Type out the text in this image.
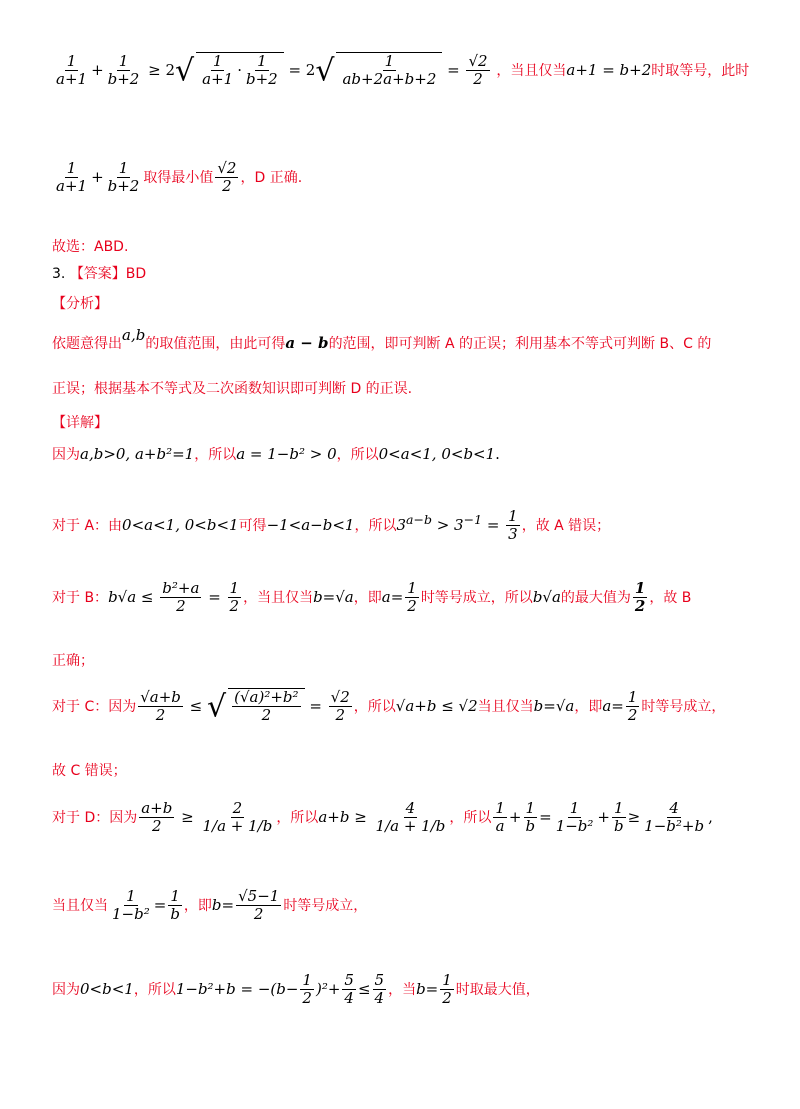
$\frac{1}{a+1} + \frac{1}{b+2} \ge 2√ \frac{1}{a+1} \cdot \frac{1}{b+2} = 2√ \frac{1}{ab+2a+b+2} = \frac{√2}{2}$ ，当且仅当a+1 = b+2时取等号，此时
$\frac{1}{a+1} + \frac{1}{b+2}$ 取得最小值 $\frac{√2}{2}$ ，D 正确.
故选：ABD.
3. 【答案】BD
【分析】
依题意得出a,b的取值范围，由此可得a − b的范围，即可判断 A 的正误；利用基本不等式可判断 B、C 的
正误；根据基本不等式及二次函数知识即可判断 D 的正误.
【详解】
因为a,b>0, a+b²=1，所以a = 1−b² > 0，所以0<a<1, 0<b<1.
对于 A：由0<a<1, 0<b<1可得−1<a−b<1，所以$3^{a-b} > 3^{-1} = \frac{1}{3}$ ，故 A 错误；
对于 B：$b√a \le \frac{\text{b²+a}}{2} = \frac{1}{2}$ ，当且仅当b=√a，即$a= \frac{1}{2}$ 时等号成立，所以b√a的最大值为 $\frac{1}{2}$ ，故 B
正确；
对于 C：因为 $\frac{√a+b}{2}$ ≤ √ $\frac{\text{(√a)²+b²}}{2} = \frac{√2}{2}$ ，所以√a+b ≤ √2当且仅当b=√a，即$a= \frac{1}{2}$ 时等号成立，
故 C 错误；
对于 D：因为 $\frac{a+b}{2} \ge \frac{2}{1/a + 1/b}$ ，所以$a+b \ge \frac{4}{1/a + 1/b}$ ，所以 $\frac{1}{a} + \frac{1}{b} = \frac{1}{\text{1−b²}} + \frac{1}{b} \ge \frac{4}{\text{1−b²+b}}$ ,
当且仅当 $\frac{1}{\text{1−b²}} = \frac{1}{b}$ ，即$b= \frac{√5-1}{2}$ 时等号成立，
因为0<b<1，所以$1-b^2+b = -(b- \frac{1}{2} )^2+ \frac{5}{4} \le \frac{5}{4}$ ，当$b= \frac{1}{2}$ 时取最大值，
